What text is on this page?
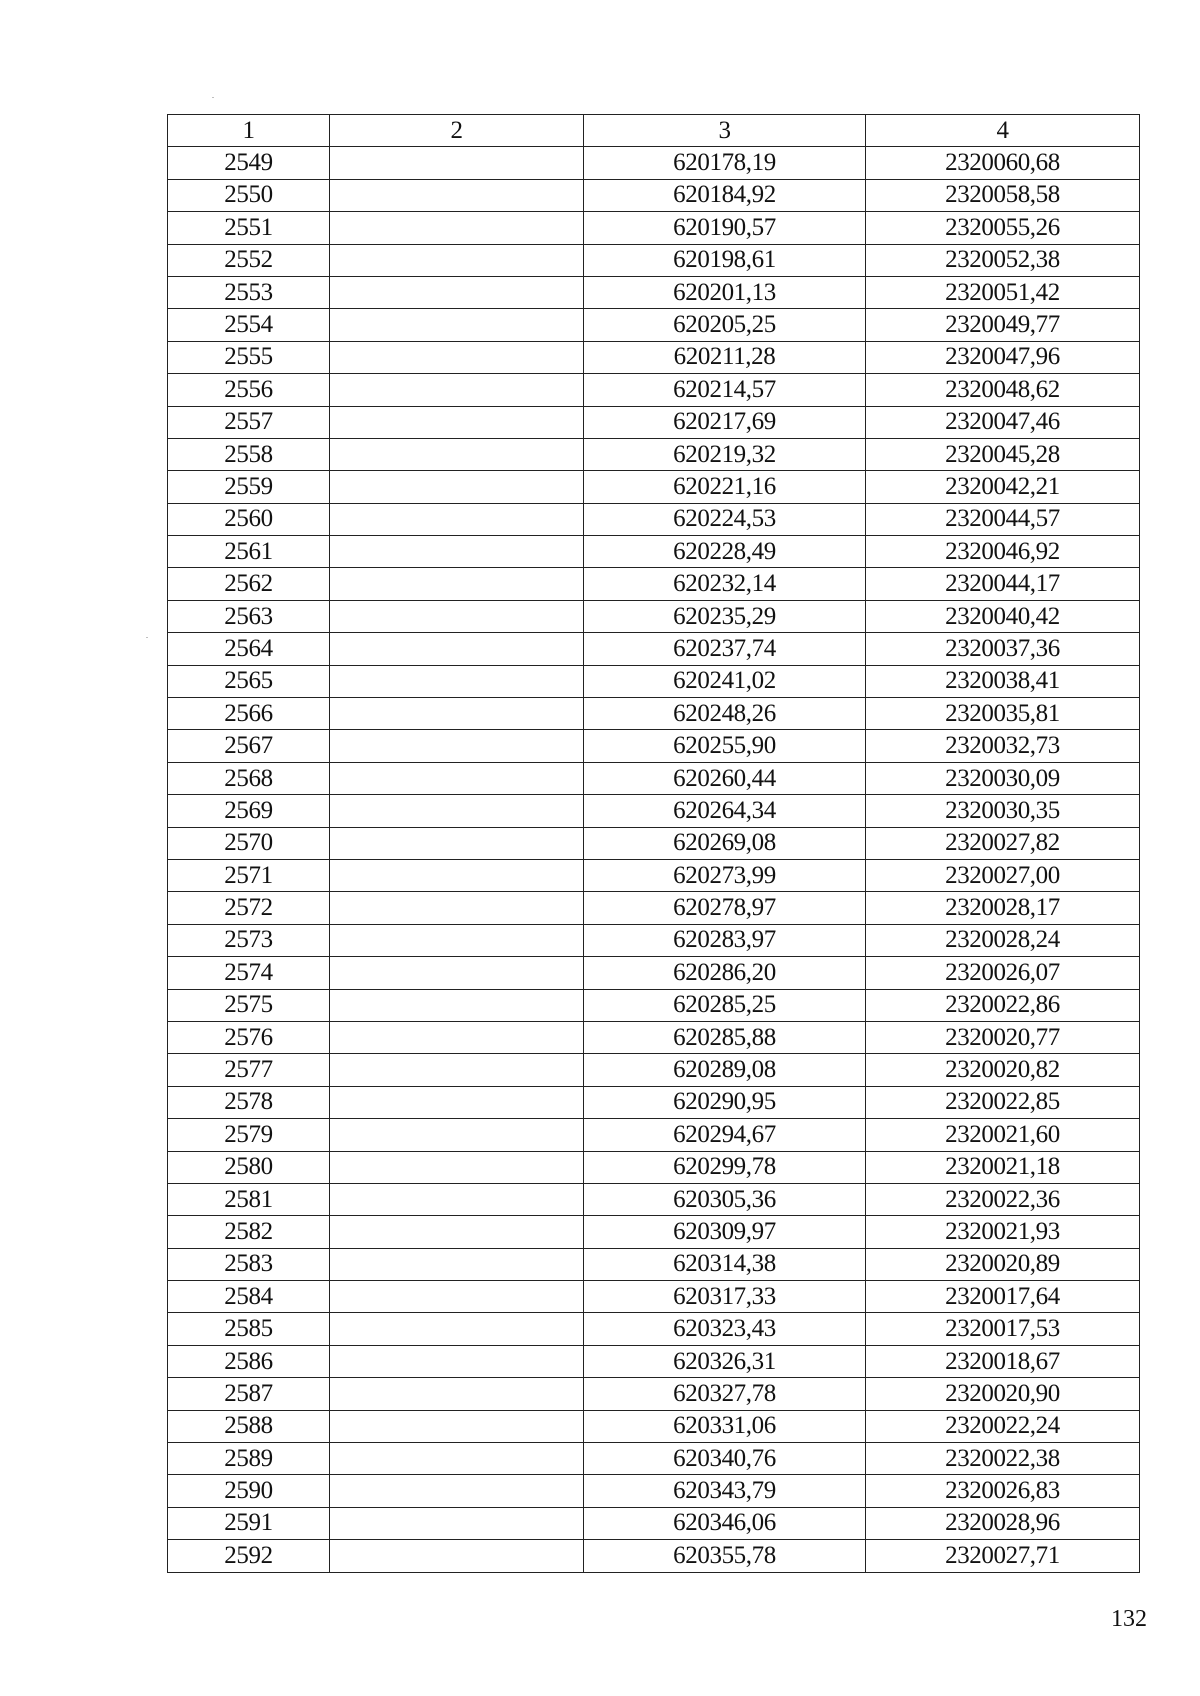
1	2	3	4
2549		620178,19	2320060,68
2550		620184,92	2320058,58
2551		620190,57	2320055,26
2552		620198,61	2320052,38
2553		620201,13	2320051,42
2554		620205,25	2320049,77
2555		620211,28	2320047,96
2556		620214,57	2320048,62
2557		620217,69	2320047,46
2558		620219,32	2320045,28
2559		620221,16	2320042,21
2560		620224,53	2320044,57
2561		620228,49	2320046,92
2562		620232,14	2320044,17
2563		620235,29	2320040,42
2564		620237,74	2320037,36
2565		620241,02	2320038,41
2566		620248,26	2320035,81
2567		620255,90	2320032,73
2568		620260,44	2320030,09
2569		620264,34	2320030,35
2570		620269,08	2320027,82
2571		620273,99	2320027,00
2572		620278,97	2320028,17
2573		620283,97	2320028,24
2574		620286,20	2320026,07
2575		620285,25	2320022,86
2576		620285,88	2320020,77
2577		620289,08	2320020,82
2578		620290,95	2320022,85
2579		620294,67	2320021,60
2580		620299,78	2320021,18
2581		620305,36	2320022,36
2582		620309,97	2320021,93
2583		620314,38	2320020,89
2584		620317,33	2320017,64
2585		620323,43	2320017,53
2586		620326,31	2320018,67
2587		620327,78	2320020,90
2588		620331,06	2320022,24
2589		620340,76	2320022,38
2590		620343,79	2320026,83
2591		620346,06	2320028,96
2592		620355,78	2320027,71
132
